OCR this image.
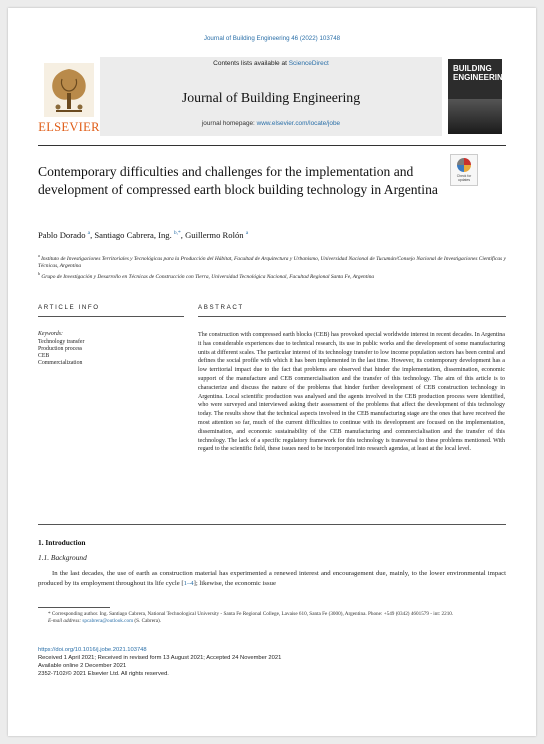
Journal of Building Engineering 46 (2022) 103748
ELSEVIER
Contents lists available at ScienceDirect
Journal of Building Engineering
journal homepage: www.elsevier.com/locate/jobe
BUILDING
ENGINEERING
Check for
updates
Contemporary difficulties and challenges for the implementation and development of compressed earth block building technology in Argentina
Pablo Dorado $^a$, Santiago Cabrera, Ing. $^{b,*}$, Guillermo Rolón $^a$
$^a$ Instituto de Investigaciones Territoriales y Tecnológicas para la Producción del Hábitat, Facultad de Arquitectura y Urbanismo, Universidad Nacional de Tucumán/Consejo Nacional de Investigaciones Científicas y Técnicas, Argentina
$^b$ Grupo de Investigación y Desarrollo en Técnicas de Construcción con Tierra, Universidad Tecnológica Nacional, Facultad Regional Santa Fe, Argentina
ARTICLE INFO	ABSTRACT
Keywords:
Technology transfer
Production process
CEB
Commercialization
The construction with compressed earth blocks (CEB) has provoked special worldwide interest in recent decades. In Argentina it has considerable experiences due to technical research, its use in public works and the development of some manufacturing units at different scales. The particular interest of its technology transfer to low income population sectors has been central and defines the social profile with which it has been implemented in the last time. However, its contemporary development has a low territorial impact due to the fact that problems are observed that hinder the implementation, dissemination, economic support of the manufacture and CEB commercialisation and the transfer of this technology. The aim of this article is to characterize and discuss the nature of the problems that hinder further development of CEB construction technology in Argentina. Local scientific production was analysed and the agents involved in the CEB production process were identified, who were surveyed and interviewed asking their assessment of the problems that affect the development of this technology today. The results show that the technical aspects involved in the CEB manufacturing stage are the ones that have received the most attention so far, much of the current difficulties to continue with its development are focused on the implementation, dissemination, and economic sustainability of the CEB manufacturing and commercialisation and the transfer of this technology. The lack of a specific regulatory framework for this technology is transversal to these problems mentioned. With regard to the scientific field, these issues need to be incorporated into research agendas, at least at the local level.
1. Introduction
1.1. Background
In the last decades, the use of earth as construction material has experimented a renewed interest and encouragement due, mainly, to the lower environmental impact produced by its employment throughout its life cycle [1–4]; likewise, the economic issue
* Corresponding author. Ing. Santiago Cabrera, National Technological University - Santa Fe Regional College, Lavaise 610, Santa Fe (3000), Argentina. Phone: +549 (0342) 4601579 - int: 2210.
E-mail address: spcabrera@outlook.com (S. Cabrera).
https://doi.org/10.1016/j.jobe.2021.103748
Received 1 April 2021; Received in revised form 13 August 2021; Accepted 24 November 2021
Available online 2 December 2021
2352-7102/© 2021 Elsevier Ltd. All rights reserved.
